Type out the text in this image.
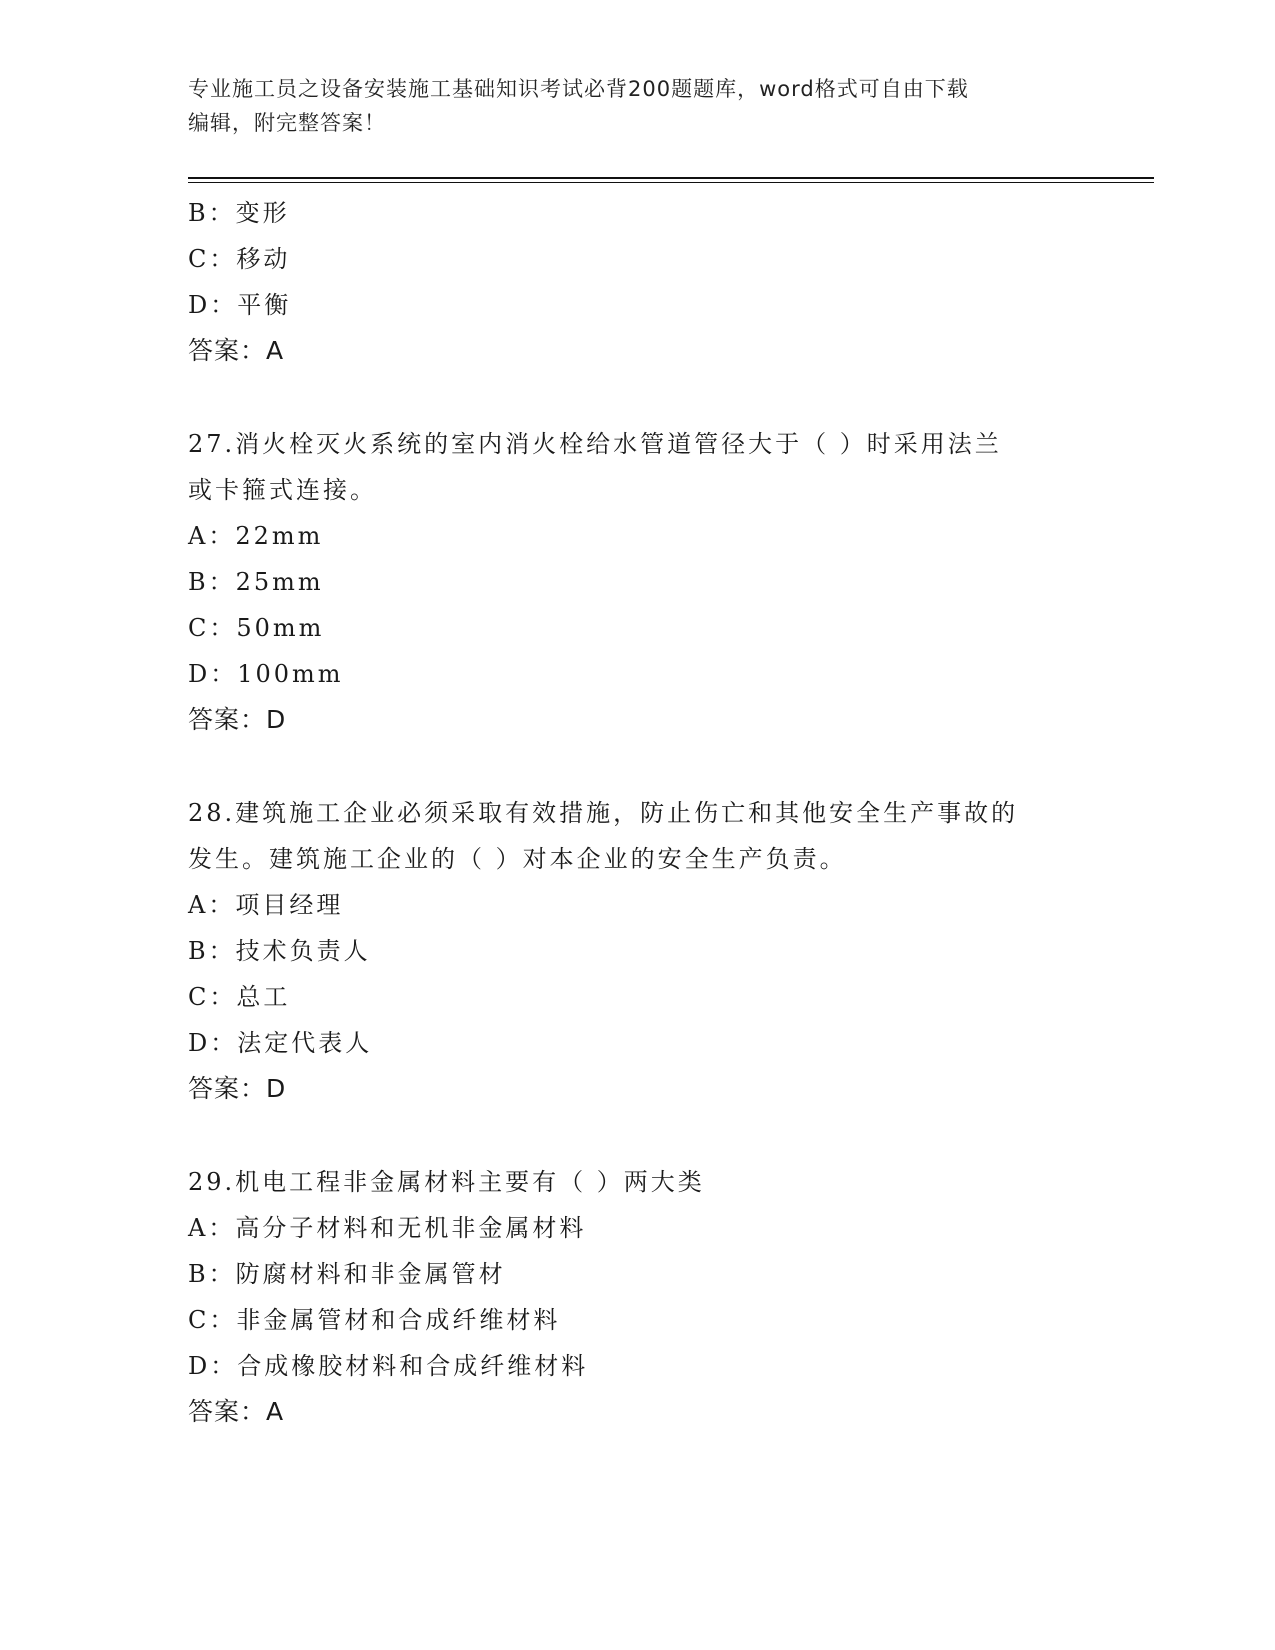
专业施工员之设备安装施工基础知识考试必背200题题库，word格式可自由下载
编辑，附完整答案！
B：变形
C：移动
D：平衡
答案：A
27.消火栓灭火系统的室内消火栓给水管道管径大于（ ）时采用法兰
或卡箍式连接。
A：22mm
B：25mm
C：50mm
D：100mm
答案：D
28.建筑施工企业必须采取有效措施，防止伤亡和其他安全生产事故的
发生。建筑施工企业的（ ）对本企业的安全生产负责。
A：项目经理
B：技术负责人
C：总工
D：法定代表人
答案：D
29.机电工程非金属材料主要有（ ）两大类
A：高分子材料和无机非金属材料
B：防腐材料和非金属管材
C：非金属管材和合成纤维材料
D：合成橡胶材料和合成纤维材料
答案：A
